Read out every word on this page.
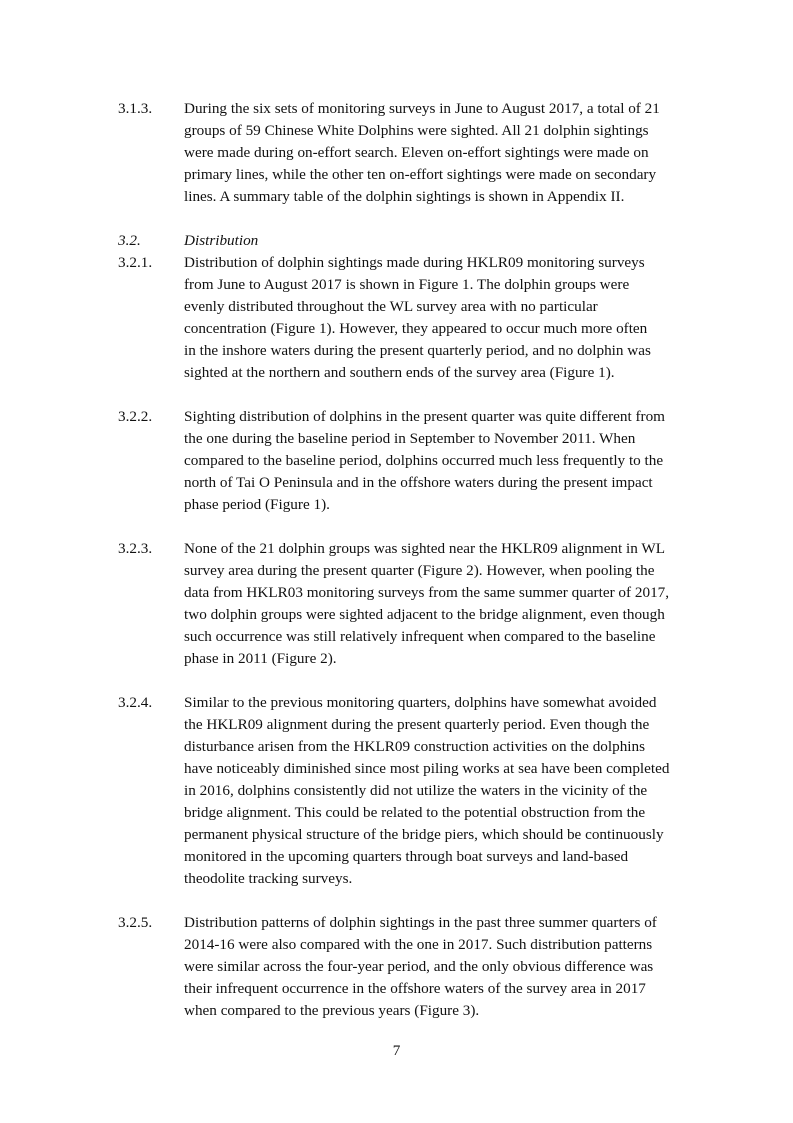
3.1.3.	During the six sets of monitoring surveys in June to August 2017, a total of 21
groups of 59 Chinese White Dolphins were sighted. All 21 dolphin sightings
were made during on-effort search. Eleven on-effort sightings were made on
primary lines, while the other ten on-effort sightings were made on secondary
lines. A summary table of the dolphin sightings is shown in Appendix II.
3.2.	Distribution
3.2.1.	Distribution of dolphin sightings made during HKLR09 monitoring surveys
from June to August 2017 is shown in Figure 1. The dolphin groups were
evenly distributed throughout the WL survey area with no particular
concentration (Figure 1). However, they appeared to occur much more often
in the inshore waters during the present quarterly period, and no dolphin was
sighted at the northern and southern ends of the survey area (Figure 1).
3.2.2.	Sighting distribution of dolphins in the present quarter was quite different from
the one during the baseline period in September to November 2011. When
compared to the baseline period, dolphins occurred much less frequently to the
north of Tai O Peninsula and in the offshore waters during the present impact
phase period (Figure 1).
3.2.3.	None of the 21 dolphin groups was sighted near the HKLR09 alignment in WL
survey area during the present quarter (Figure 2). However, when pooling the
data from HKLR03 monitoring surveys from the same summer quarter of 2017,
two dolphin groups were sighted adjacent to the bridge alignment, even though
such occurrence was still relatively infrequent when compared to the baseline
phase in 2011 (Figure 2).
3.2.4.	Similar to the previous monitoring quarters, dolphins have somewhat avoided
the HKLR09 alignment during the present quarterly period. Even though the
disturbance arisen from the HKLR09 construction activities on the dolphins
have noticeably diminished since most piling works at sea have been completed
in 2016, dolphins consistently did not utilize the waters in the vicinity of the
bridge alignment. This could be related to the potential obstruction from the
permanent physical structure of the bridge piers, which should be continuously
monitored in the upcoming quarters through boat surveys and land-based
theodolite tracking surveys.
3.2.5.	Distribution patterns of dolphin sightings in the past three summer quarters of
2014-16 were also compared with the one in 2017. Such distribution patterns
were similar across the four-year period, and the only obvious difference was
their infrequent occurrence in the offshore waters of the survey area in 2017
when compared to the previous years (Figure 3).
7
